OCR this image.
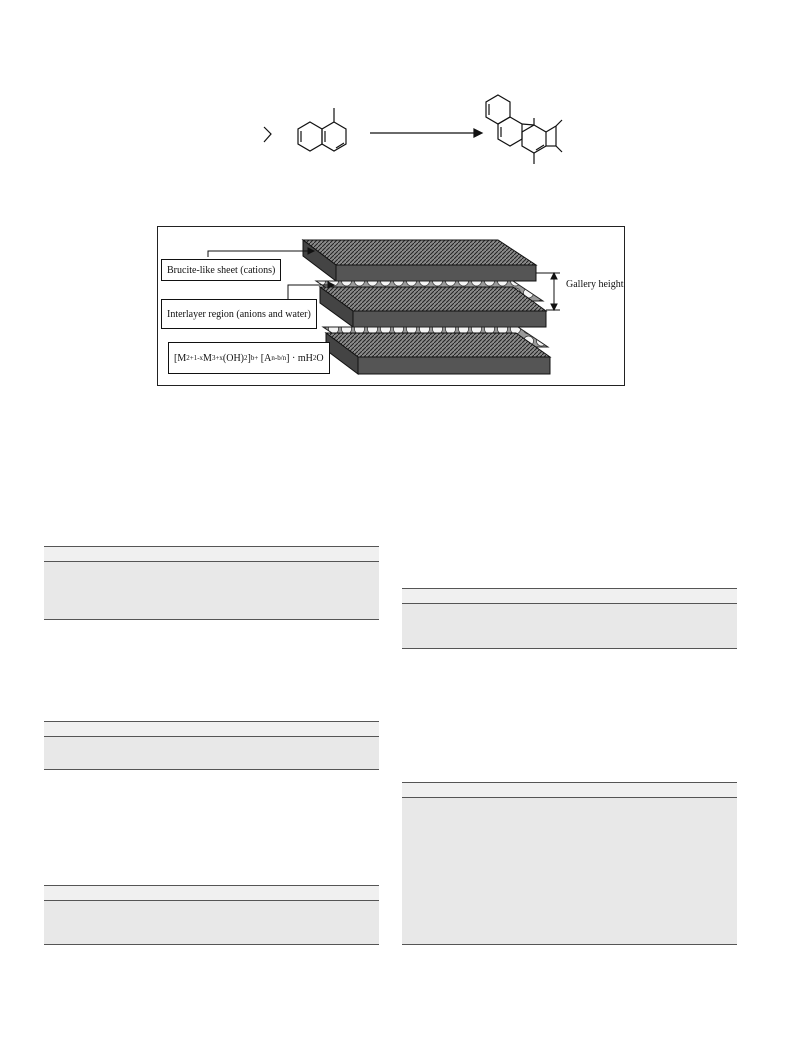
Brucite-like sheet (cations)
Interlayer region (anions and water)
[M 2+ 1-x M 3+ x (OH) 2 ] b+ [A n- b/n ] · mH 2 O
Gallery height
